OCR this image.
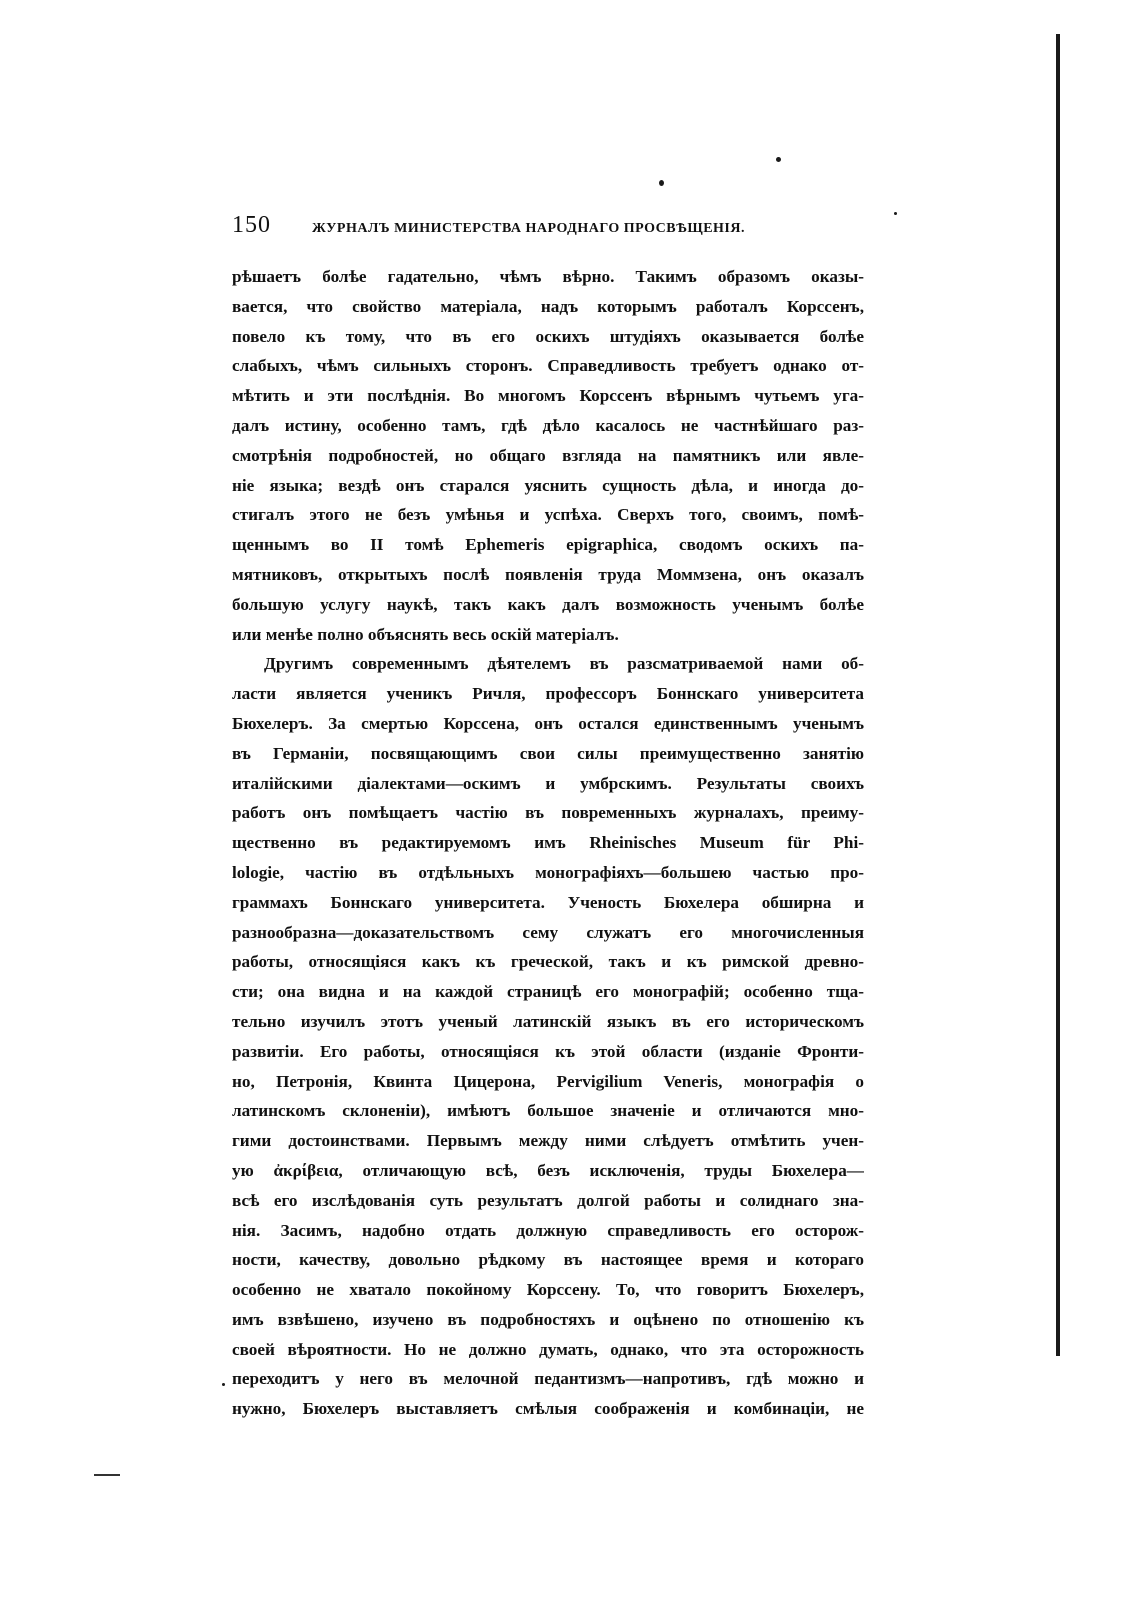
150	ЖУРНАЛЪ МИНИСТЕРСТВА НАРОДНАГО ПРОСВѢЩЕНІЯ.
рѣшаетъ болѣе гадательно, чѣмъ вѣрно. Такимъ образомъ оказы-
вается, что свойство матеріала, надъ которымъ работалъ Корссенъ,
повело къ тому, что въ его оскихъ штудіяхъ оказывается болѣе
слабыхъ, чѣмъ сильныхъ сторонъ. Справедливость требуетъ однако от-
мѣтить и эти послѣднія. Во многомъ Корссенъ вѣрнымъ чутьемъ уга-
далъ истину, особенно тамъ, гдѣ дѣло касалось не частнѣйшаго раз-
смотрѣнія подробностей, но общаго взгляда на памятникъ или явле-
ніе языка; вездѣ онъ старался уяснить сущность дѣла, и иногда до-
стигалъ этого не безъ умѣнья и успѣха. Сверхъ того, своимъ, помѣ-
щеннымъ во II томѣ Ephemeris epigraphica, сводомъ оскихъ па-
мятниковъ, открытыхъ послѣ появленія труда Моммзена, онъ оказалъ
большую услугу наукѣ, такъ какъ далъ возможность ученымъ болѣе
или менѣе полно объяснять весь оскій матеріалъ.
Другимъ современнымъ дѣятелемъ въ разсматриваемой нами об-
ласти является ученикъ Ричля, профессоръ Боннскаго университета
Бюхелеръ. За смертью Корссена, онъ остался единственнымъ ученымъ
въ Германіи, посвящающимъ свои силы преимущественно занятію
италійскими діалектами—оскимъ и умбрскимъ. Результаты своихъ
работъ онъ помѣщаетъ частію въ повременныхъ журналахъ, преиму-
щественно въ редактируемомъ имъ Rheinisches Museum für Phi-
lologie, частію въ отдѣльныхъ монографіяхъ—большею частью про-
граммахъ Боннскаго университета. Ученость Бюхелера обширна и
разнообразна—доказательствомъ сему служатъ его многочисленныя
работы, относящіяся какъ къ греческой, такъ и къ римской древно-
сти; она видна и на каждой страницѣ его монографій; особенно тща-
тельно изучилъ этотъ ученый латинскій языкъ въ его историческомъ
развитіи. Его работы, относящіяся къ этой области (изданіе Фронти-
но, Петронія, Квинта Цицерона, Pervigilium Veneris, монографія о
латинскомъ склоненіи), имѣютъ большое значеніе и отличаются мно-
гими достоинствами. Первымъ между ними слѣдуетъ отмѣтить учен-
ую ἀκρίβεια, отличающую всѣ, безъ исключенія, труды Бюхелера—
всѣ его изслѣдованія суть результатъ долгой работы и солиднаго зна-
нія. Засимъ, надобно отдать должную справедливость его осторож-
ности, качеству, довольно рѣдкому въ настоящее время и котораго
особенно не хватало покойному Корссену. То, что говоритъ Бюхелеръ,
имъ взвѣшено, изучено въ подробностяхъ и оцѣнено по отношенію къ
своей вѣроятности. Но не должно думать, однако, что эта осторожность
переходитъ у него въ мелочной педантизмъ—напротивъ, гдѣ можно и
нужно, Бюхелеръ выставляетъ смѣлыя соображенія и комбинаціи, не
